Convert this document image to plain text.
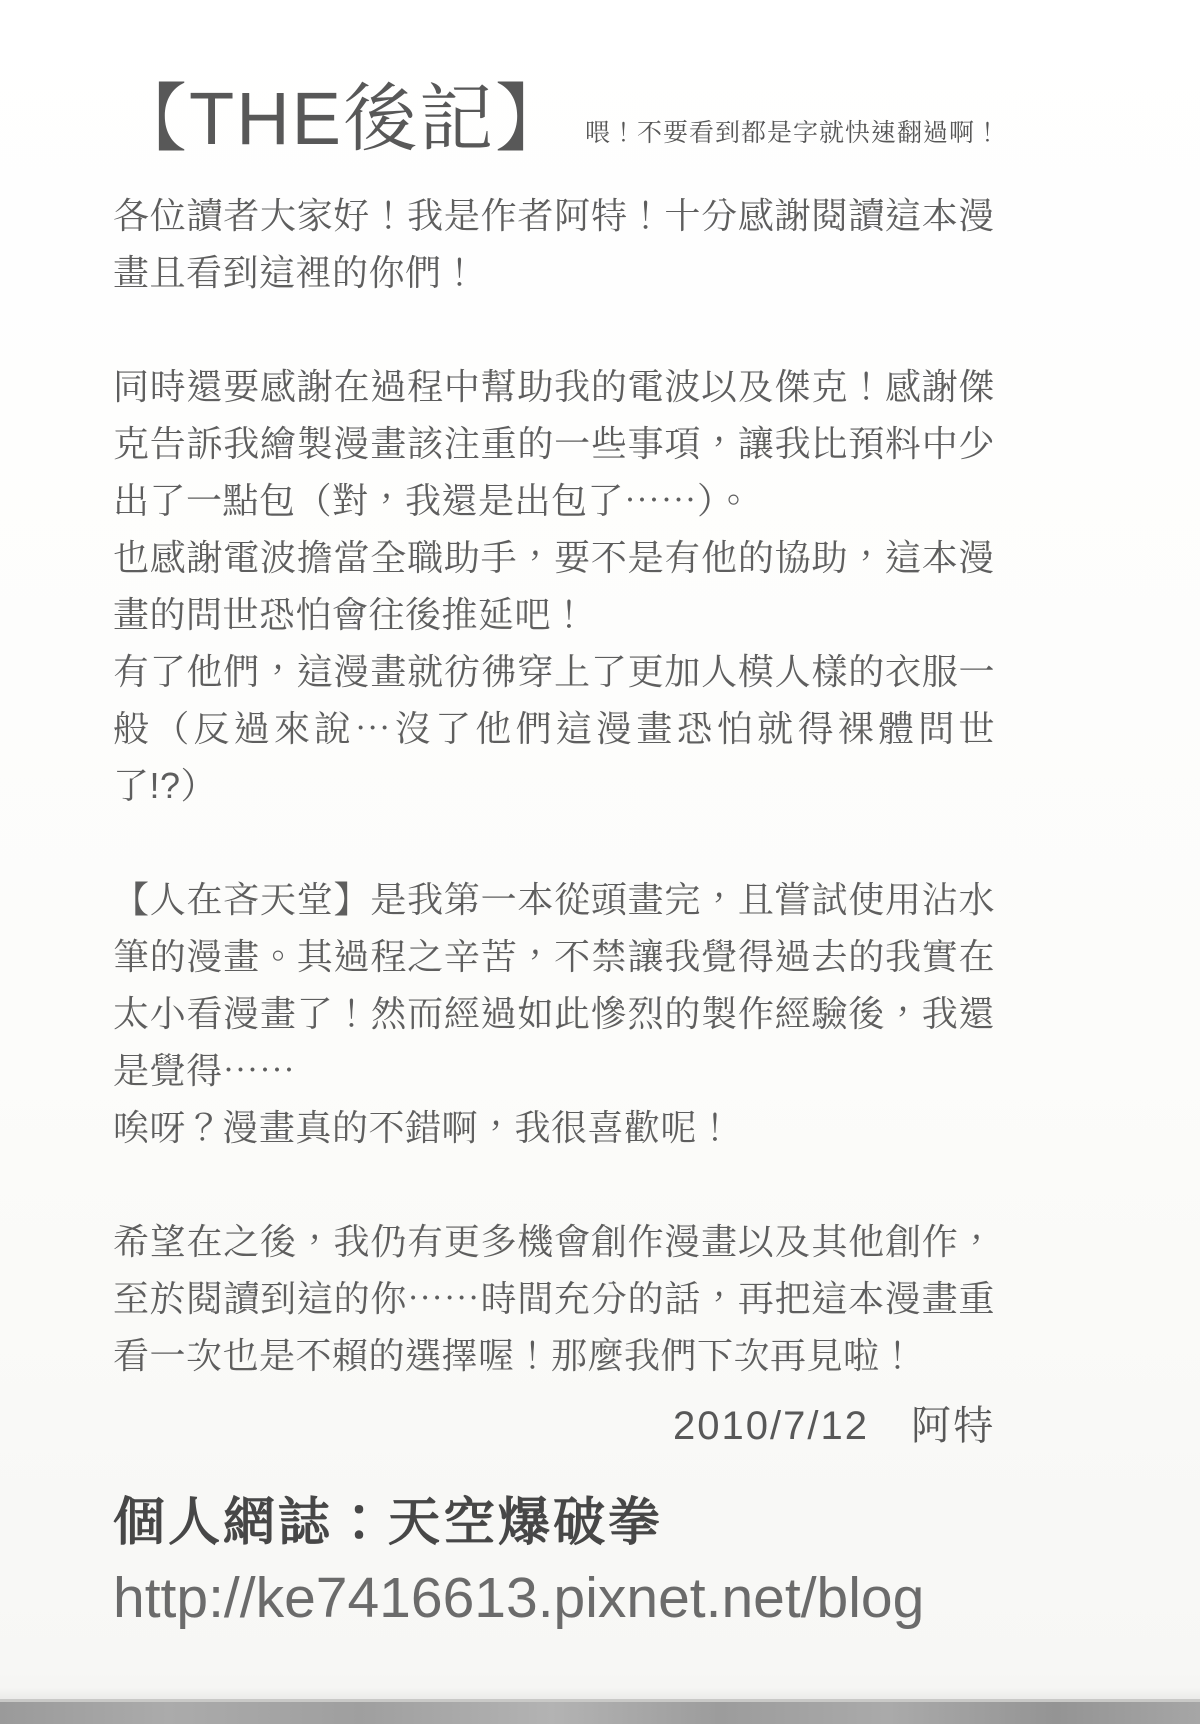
【THE後記】 喂！不要看到都是字就快速翻過啊！
各位讀者大家好！我是作者阿特！十分感謝閱讀這本漫畫且看到這裡的你們！
同時還要感謝在過程中幫助我的電波以及傑克！感謝傑克告訴我繪製漫畫該注重的一些事項，讓我比預料中少出了一點包（對，我還是出包了⋯⋯）。
也感謝電波擔當全職助手，要不是有他的協助，這本漫畫的問世恐怕會往後推延吧！
有了他們，這漫畫就彷彿穿上了更加人模人樣的衣服一般（反過來說⋯沒了他們這漫畫恐怕就得裸體問世了!?）
【人在吝天堂】是我第一本從頭畫完，且嘗試使用沾水筆的漫畫。其過程之辛苦，不禁讓我覺得過去的我實在太小看漫畫了！然而經過如此慘烈的製作經驗後，我還是覺得⋯⋯
唉呀？漫畫真的不錯啊，我很喜歡呢！
希望在之後，我仍有更多機會創作漫畫以及其他創作，至於閱讀到這的你⋯⋯時間充分的話，再把這本漫畫重看一次也是不賴的選擇喔！那麼我們下次再見啦！
2010/7/12　阿特
個人網誌：天空爆破拳
http://ke7416613.pixnet.net/blog
